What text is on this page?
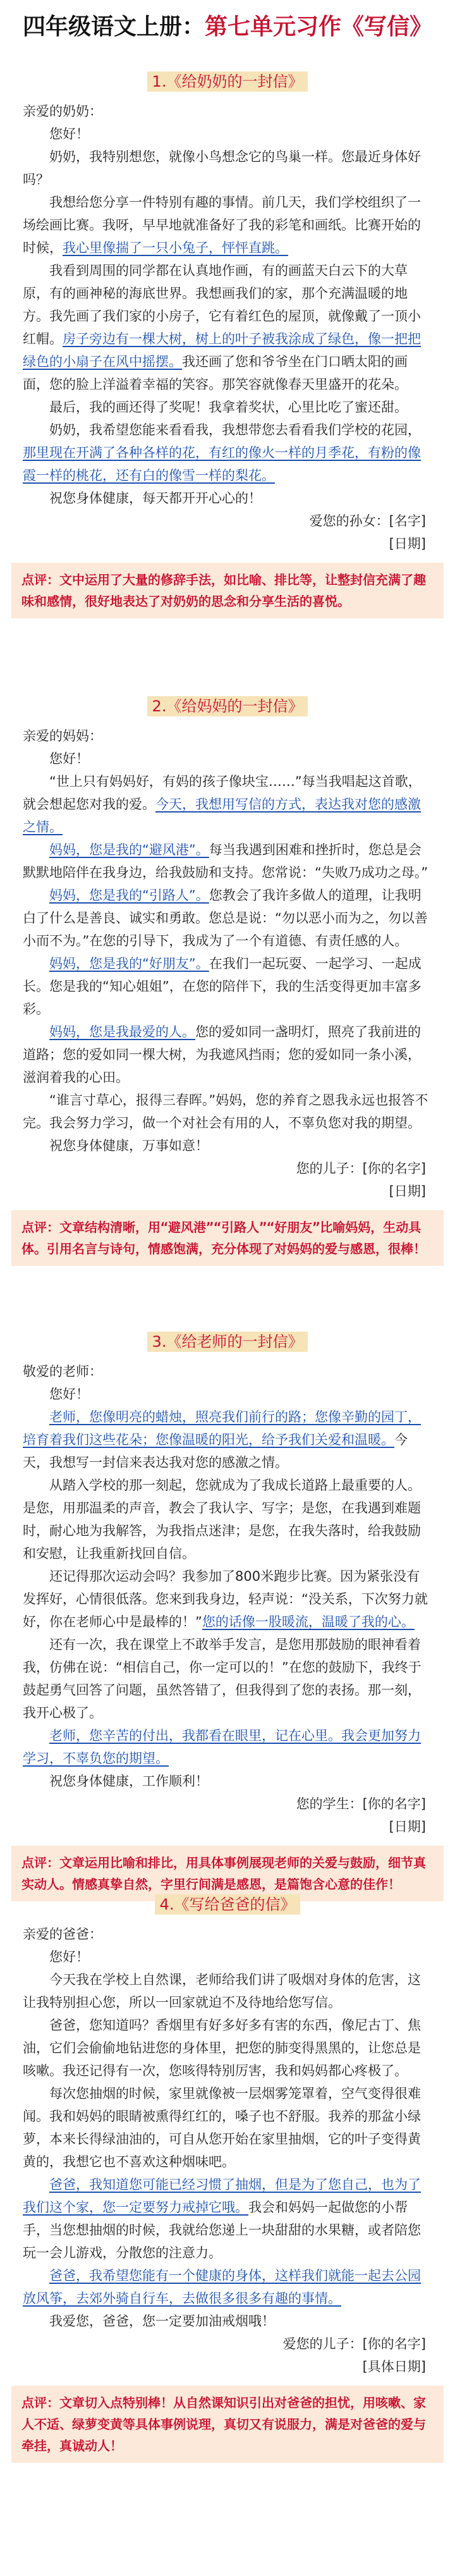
四年级语文上册：第七单元习作《写信》
1.《给奶奶的一封信》

亲爱的奶奶：

您好！

奶奶，我特别想您，就像小鸟想念它的鸟巢一样。您最近身体好吗？

我想给您分享一件特别有趣的事情。前几天，我们学校组织了一场绘画比赛。我呀，早早地就准备好了我的彩笔和画纸。比赛开始的时候，我心里像揣了一只小兔子，怦怦直跳。

我看到周围的同学都在认真地作画，有的画蓝天白云下的大草原，有的画神秘的海底世界。我想画我们的家，那个充满温暖的地方。我先画了我们家的小房子，它有着红色的屋顶，就像戴了一顶小红帽。房子旁边有一棵大树，树上的叶子被我涂成了绿色，像一把把绿色的小扇子在风中摇摆。我还画了您和爷爷坐在门口晒太阳的画面，您的脸上洋溢着幸福的笑容。那笑容就像春天里盛开的花朵。

最后，我的画还得了奖呢！我拿着奖状，心里比吃了蜜还甜。

奶奶，我希望您能来看看我，我想带您去看看我们学校的花园，那里现在开满了各种各样的花，有红的像火一样的月季花，有粉的像霞一样的桃花，还有白的像雪一样的梨花。

祝您身体健康，每天都开开心心的！

爱您的孙女：[名字]
[日期]
点评：文中运用了大量的修辞手法，如比喻、排比等，让整封信充满了趣味和感情，很好地表达了对奶奶的思念和分享生活的喜悦。
2.《给妈妈的一封信》

亲爱的妈妈：

您好！

“世上只有妈妈好，有妈的孩子像块宝……”每当我唱起这首歌，就会想起您对我的爱。今天，我想用写信的方式，表达我对您的感激之情。

妈妈，您是我的“避风港”。每当我遇到困难和挫折时，您总是会默默地陪伴在我身边，给我鼓励和支持。您常说：“失败乃成功之母。”

妈妈，您是我的“引路人”。您教会了我许多做人的道理，让我明白了什么是善良、诚实和勇敢。您总是说：“勿以恶小而为之，勿以善小而不为。”在您的引导下，我成为了一个有道德、有责任感的人。

妈妈，您是我的“好朋友”。在我们一起玩耍、一起学习、一起成长。您是我的“知心姐姐”，在您的陪伴下，我的生活变得更加丰富多彩。

妈妈，您是我最爱的人。您的爱如同一盏明灯，照亮了我前进的道路；您的爱如同一棵大树，为我遮风挡雨；您的爱如同一条小溪，滋润着我的心田。

“谁言寸草心，报得三春晖。”妈妈，您的养育之恩我永远也报答不完。我会努力学习，做一个对社会有用的人，不辜负您对我的期望。

祝您身体健康，万事如意！

您的儿子：[你的名字]
[日期]
点评：文章结构清晰，用“避风港”“引路人”“好朋友”比喻妈妈，生动具体。引用名言与诗句，情感饱满，充分体现了对妈妈的爱与感恩，很棒！
3.《给老师的一封信》

敬爱的老师：

您好！

老师，您像明亮的蜡烛，照亮我们前行的路；您像辛勤的园丁，培育着我们这些花朵；您像温暖的阳光，给予我们关爱和温暖。今天，我想写一封信来表达我对您的感激之情。

从踏入学校的那一刻起，您就成为了我成长道路上最重要的人。是您，用那温柔的声音，教会了我认字、写字；是您，在我遇到难题时，耐心地为我解答，为我指点迷津；是您，在我失落时，给我鼓励和安慰，让我重新找回自信。

还记得那次运动会吗？我参加了800米跑步比赛。因为紧张没有发挥好，心情很低落。您来到我身边，轻声说：“没关系，下次努力就好，你在老师心中是最棒的！”您的话像一股暖流，温暖了我的心。

还有一次，我在课堂上不敢举手发言，是您用那鼓励的眼神看着我，仿佛在说：“相信自己，你一定可以的！”在您的鼓励下，我终于鼓起勇气回答了问题，虽然答错了，但我得到了您的表扬。那一刻，我开心极了。

老师，您辛苦的付出，我都看在眼里，记在心里。我会更加努力学习，不辜负您的期望。

祝您身体健康，工作顺利！

您的学生：[你的名字]
[日期]
点评：文章运用比喻和排比，用具体事例展现老师的关爱与鼓励，细节真实动人。情感真挚自然，字里行间满是感恩，是篇饱含心意的佳作！
4.《写给爸爸的信》

亲爱的爸爸：

您好！

今天我在学校上自然课，老师给我们讲了吸烟对身体的危害，这让我特别担心您，所以一回家就迫不及待地给您写信。

爸爸，您知道吗？香烟里有好多好多有害的东西，像尼古丁、焦油，它们会偷偷地钻进您的身体里，把您的肺变得黑黑的，让您总是咳嗽。我还记得有一次，您咳得特别厉害，我和妈妈都心疼极了。

每次您抽烟的时候，家里就像被一层烟雾笼罩着，空气变得很难闻。我和妈妈的眼睛被熏得红红的，嗓子也不舒服。我养的那盆小绿萝，本来长得绿油油的，可自从您开始在家里抽烟，它的叶子变得黄黄的，我想它也不喜欢这种烟味吧。

爸爸，我知道您可能已经习惯了抽烟，但是为了您自己，也为了我们这个家，您一定要努力戒掉它哦。我会和妈妈一起做您的小帮手，当您想抽烟的时候，我就给您递上一块甜甜的水果糖，或者陪您玩一会儿游戏，分散您的注意力。

爸爸，我希望您能有一个健康的身体，这样我们就能一起去公园放风筝，去郊外骑自行车，去做很多很多有趣的事情。

我爱您，爸爸，您一定要加油戒烟哦！

爱您的儿子：[你的名字]
[具体日期]
点评：文章切入点特别棒！从自然课知识引出对爸爸的担忧，用咳嗽、家人不适、绿萝变黄等具体事例说理，真切又有说服力，满是对爸爸的爱与牵挂，真诚动人！
